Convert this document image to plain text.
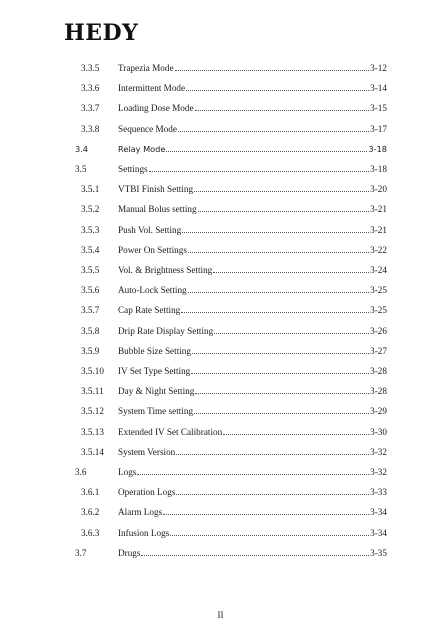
HEDY
3.3.5	Trapezia Mode	3-12
3.3.6	Intermittent Mode	3-14
3.3.7	Loading Dose Mode	3-15
3.3.8	Sequence Mode	3-17
3.4	Relay Mode	3-18
3.5	Settings	3-18
3.5.1	VTBI Finish Setting	3-20
3.5.2	Manual Bolus setting	3-21
3.5.3	Push Vol. Setting	3-21
3.5.4	Power On Settings	3-22
3.5.5	Vol. & Brightness Setting	3-24
3.5.6	Auto-Lock Setting	3-25
3.5.7	Cap Rate Setting	3-25
3.5.8	Drip Rate Display Setting	3-26
3.5.9	Bubble Size Setting	3-27
3.5.10	IV Set Type Setting	3-28
3.5.11	Day & Night Setting	3-28
3.5.12	System Time setting	3-29
3.5.13	Extended IV Set Calibration	3-30
3.5.14	System Version	3-32
3.6	Logs	3-32
3.6.1	Operation Logs	3-33
3.6.2	Alarm Logs	3-34
3.6.3	Infusion Logs	3-34
3.7	Drugs	3-35
II
